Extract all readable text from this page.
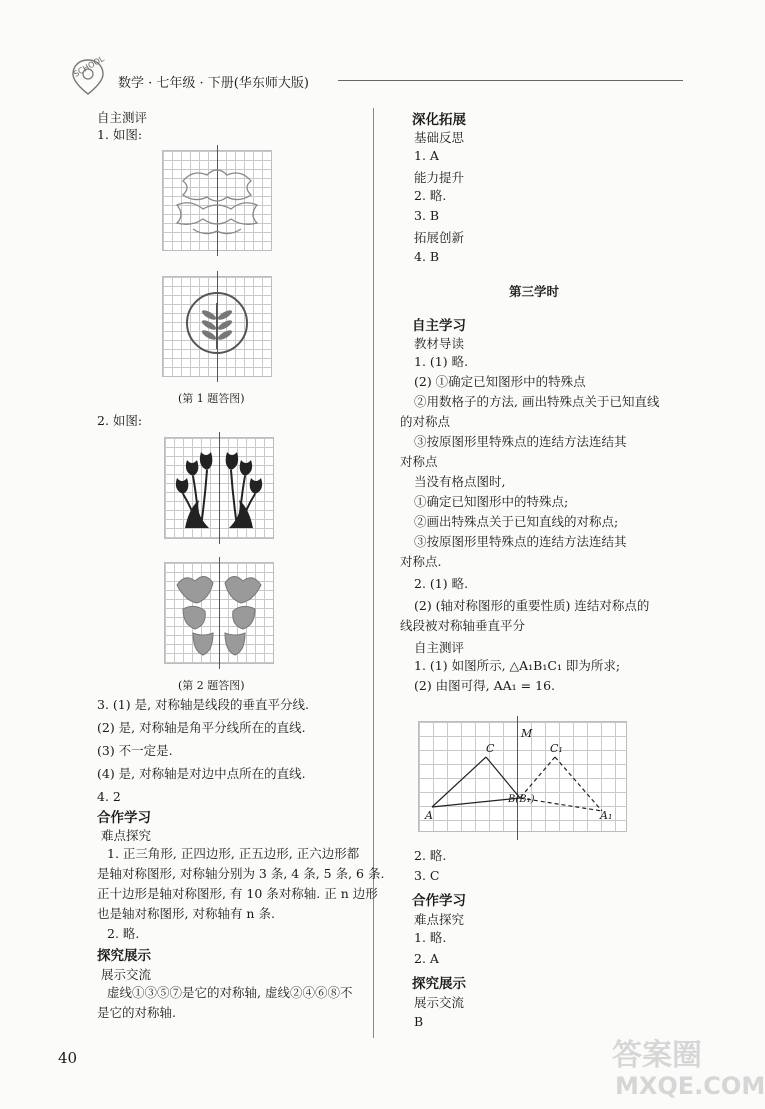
SCHOOL
数学 · 七年级 · 下册(华东师大版)
自主测评
1. 如图:
(第 1 题答图)
2. 如图:
(第 2 题答图)
3. (1) 是, 对称轴是线段的垂直平分线.
(2) 是, 对称轴是角平分线所在的直线.
(3) 不一定是.
(4) 是, 对称轴是对边中点所在的直线.
4. 2
合作学习
难点探究
1. 正三角形, 正四边形, 正五边形, 正六边形都
是轴对称图形, 对称轴分别为 3 条, 4 条, 5 条, 6 条.
正十边形是轴对称图形, 有 10 条对称轴. 正 n 边形
也是轴对称图形, 对称轴有 n 条.
2. 略.
探究展示
展示交流
虚线①③⑤⑦是它的对称轴, 虚线②④⑥⑧不
是它的对称轴.
40
深化拓展
基础反思
1. A
能力提升
2. 略.
3. B
拓展创新
4. B
第三学时
自主学习
教材导读
1. (1) 略.
(2) ①确定已知图形中的特殊点
②用数格子的方法, 画出特殊点关于已知直线
的对称点
③按原图形里特殊点的连结方法连结其
对称点
当没有格点图时,
①确定已知图形中的特殊点;
②画出特殊点关于已知直线的对称点;
③按原图形里特殊点的连结方法连结其
对称点.
2. (1) 略.
(2) (轴对称图形的重要性质) 连结对称点的
线段被对称轴垂直平分
自主测评
1. (1) 如图所示, △A₁B₁C₁ 即为所求;
(2) 由图可得, AA₁ = 16.
M
C	C₁
B(B₁)
A	A₁
2. 略.
3. C
合作学习
难点探究
1. 略.
2. A
探究展示
展示交流
B
答案圈
MXQE.COM
